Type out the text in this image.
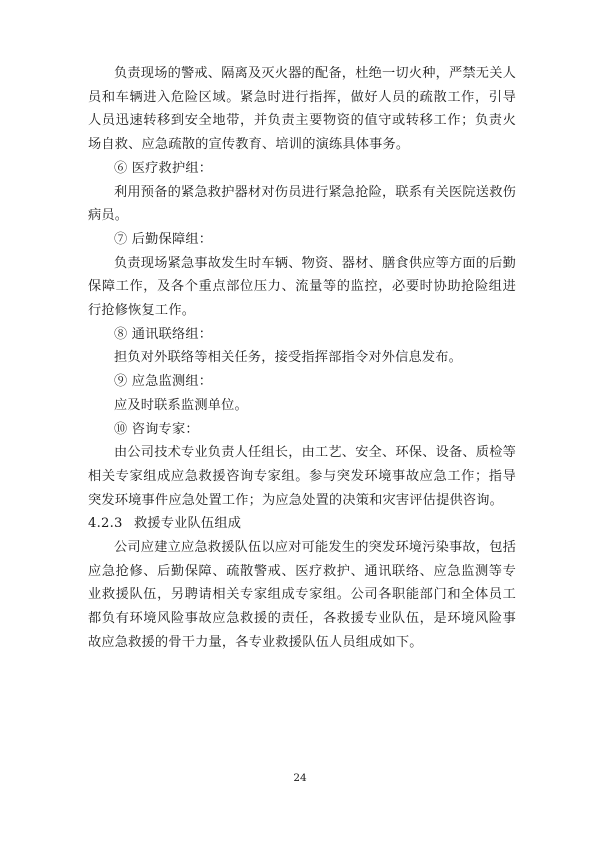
负责现场的警戒、隔离及灭火器的配备，杜绝一切火种，严禁无关人员和车辆进入危险区域。紧急时进行指挥，做好人员的疏散工作，引导人员迅速转移到安全地带，并负责主要物资的值守或转移工作；负责火场自救、应急疏散的宣传教育、培训的演练具体事务。

⑥ 医疗救护组：

利用预备的紧急救护器材对伤员进行紧急抢险，联系有关医院送救伤病员。

⑦ 后勤保障组：

负责现场紧急事故发生时车辆、物资、器材、膳食供应等方面的后勤保障工作，及各个重点部位压力、流量等的监控，必要时协助抢险组进行抢修恢复工作。

⑧ 通讯联络组：

担负对外联络等相关任务，接受指挥部指令对外信息发布。

⑨ 应急监测组：

应及时联系监测单位。

⑩ 咨询专家：

由公司技术专业负责人任组长，由工艺、安全、环保、设备、质检等相关专家组成应急救援咨询专家组。参与突发环境事故应急工作；指导突发环境事件应急处置工作；为应急处置的决策和灾害评估提供咨询。

4.2.3 救援专业队伍组成

公司应建立应急救援队伍以应对可能发生的突发环境污染事故，包括应急抢修、后勤保障、疏散警戒、医疗救护、通讯联络、应急监测等专业救援队伍，另聘请相关专家组成专家组。公司各职能部门和全体员工都负有环境风险事故应急救援的责任，各救援专业队伍，是环境风险事故应急救援的骨干力量，各专业救援队伍人员组成如下。

24
